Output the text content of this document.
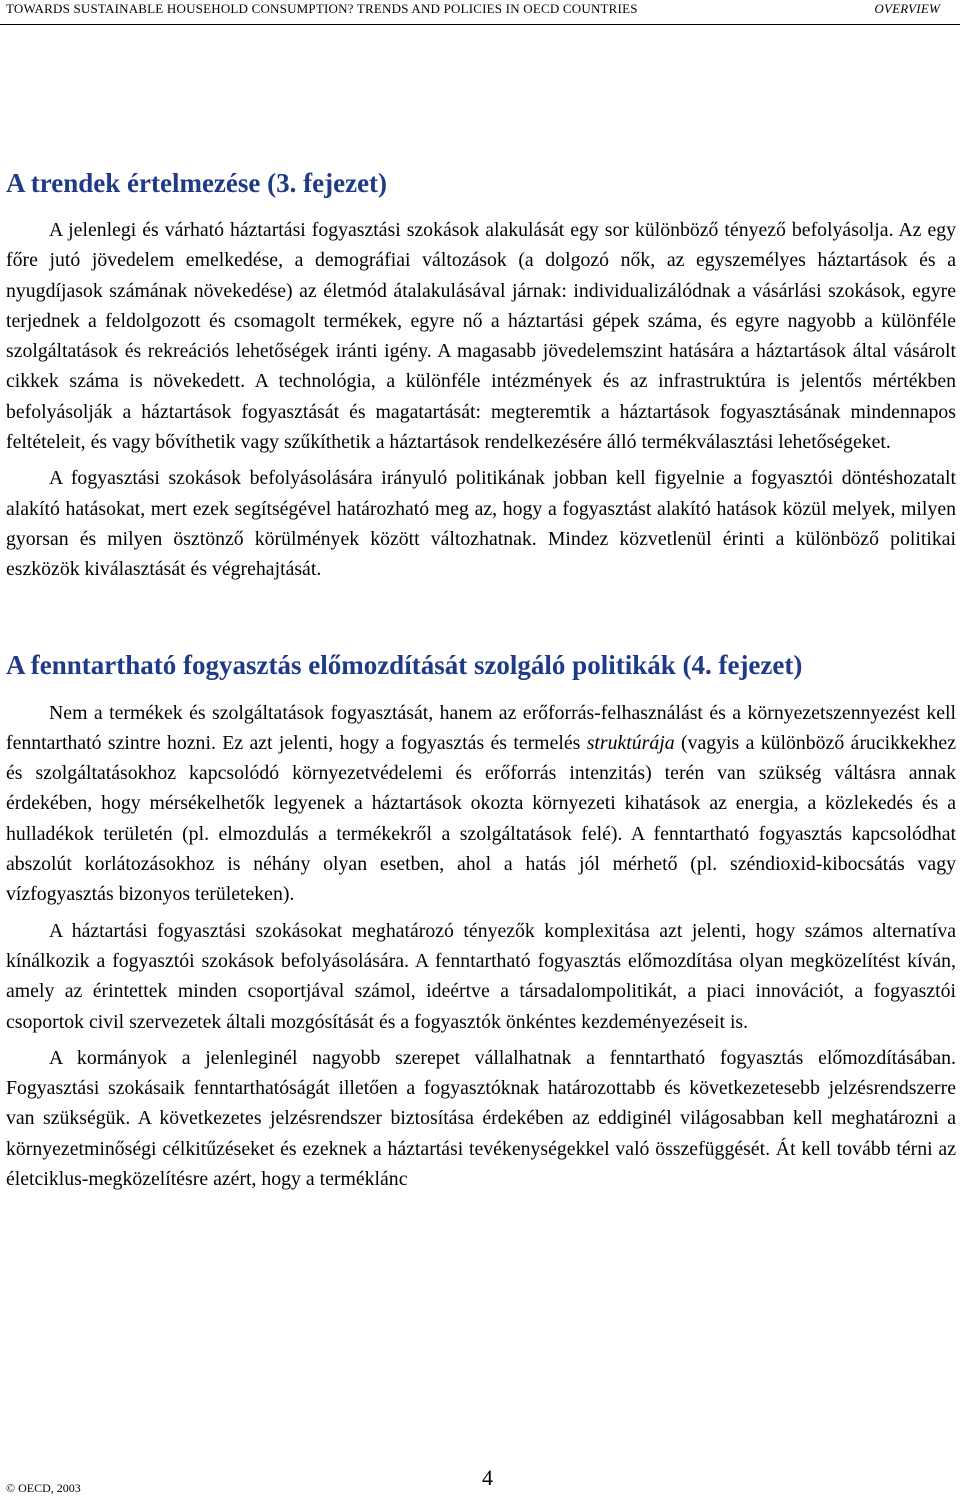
TOWARDS SUSTAINABLE HOUSEHOLD CONSUMPTION? TRENDS AND POLICIES IN OECD COUNTRIES	OVERVIEW
A trendek értelmezése (3. fejezet)

A jelenlegi és várható háztartási fogyasztási szokások alakulását egy sor különböző tényező befolyásolja. Az egy főre jutó jövedelem emelkedése, a demográfiai változások (a dolgozó nők, az egyszemélyes háztartások és a nyugdíjasok számának növekedése) az életmód átalakulásával járnak: individualizálódnak a vásárlási szokások, egyre terjednek a feldolgozott és csomagolt termékek, egyre nő a háztartási gépek száma, és egyre nagyobb a különféle szolgáltatások és rekreációs lehetőségek iránti igény. A magasabb jövedelemszint hatására a háztartások által vásárolt cikkek száma is növekedett. A technológia, a különféle intézmények és az infrastruktúra is jelentős mértékben befolyásolják a háztartások fogyasztását és magatartását: megteremtik a háztartások fogyasztásának mindennapos feltételeit, és vagy bővíthetik vagy szűkíthetik a háztartások rendelkezésére álló termékválasztási lehetőségeket.

A fogyasztási szokások befolyásolására irányuló politikának jobban kell figyelnie a fogyasztói döntéshozatalt alakító hatásokat, mert ezek segítségével határozható meg az, hogy a fogyasztást alakító hatások közül melyek, milyen gyorsan és milyen ösztönző körülmények között változhatnak. Mindez közvetlenül érinti a különböző politikai eszközök kiválasztását és végrehajtását.

A fenntartható fogyasztás előmozdítását szolgáló politikák (4. fejezet)

Nem a termékek és szolgáltatások fogyasztását, hanem az erőforrás-felhasználást és a környezetszennyezést kell fenntartható szintre hozni. Ez azt jelenti, hogy a fogyasztás és termelés struktúrája (vagyis a különböző árucikkekhez és szolgáltatásokhoz kapcsolódó környezetvédelemi és erőforrás intenzitás) terén van szükség váltásra annak érdekében, hogy mérsékelhetők legyenek a háztartások okozta környezeti kihatások az energia, a közlekedés és a hulladékok területén (pl. elmozdulás a termékekről a szolgáltatások felé). A fenntartható fogyasztás kapcsolódhat abszolút korlátozásokhoz is néhány olyan esetben, ahol a hatás jól mérhető (pl. széndioxid-kibocsátás vagy vízfogyasztás bizonyos területeken).

A háztartási fogyasztási szokásokat meghatározó tényezők komplexitása azt jelenti, hogy számos alternatíva kínálkozik a fogyasztói szokások befolyásolására. A fenntartható fogyasztás előmozdítása olyan megközelítést kíván, amely az érintettek minden csoportjával számol, ideértve a társadalompolitikát, a piaci innovációt, a fogyasztói csoportok civil szervezetek általi mozgósítását és a fogyasztók önkéntes kezdeményezéseit is.

A kormányok a jelenleginél nagyobb szerepet vállalhatnak a fenntartható fogyasztás előmozdításában. Fogyasztási szokásaik fenntarthatóságát illetően a fogyasztóknak határozottabb és következetesebb jelzésrendszerre van szükségük. A következetes jelzésrendszer biztosítása érdekében az eddiginél világosabban kell meghatározni a környezetminőségi célkitűzéseket és ezeknek a háztartási tevékenységekkel való összefüggését. Át kell tovább térni az életciklus-megközelítésre azért, hogy a terméklánc

© OECD, 2003	4
